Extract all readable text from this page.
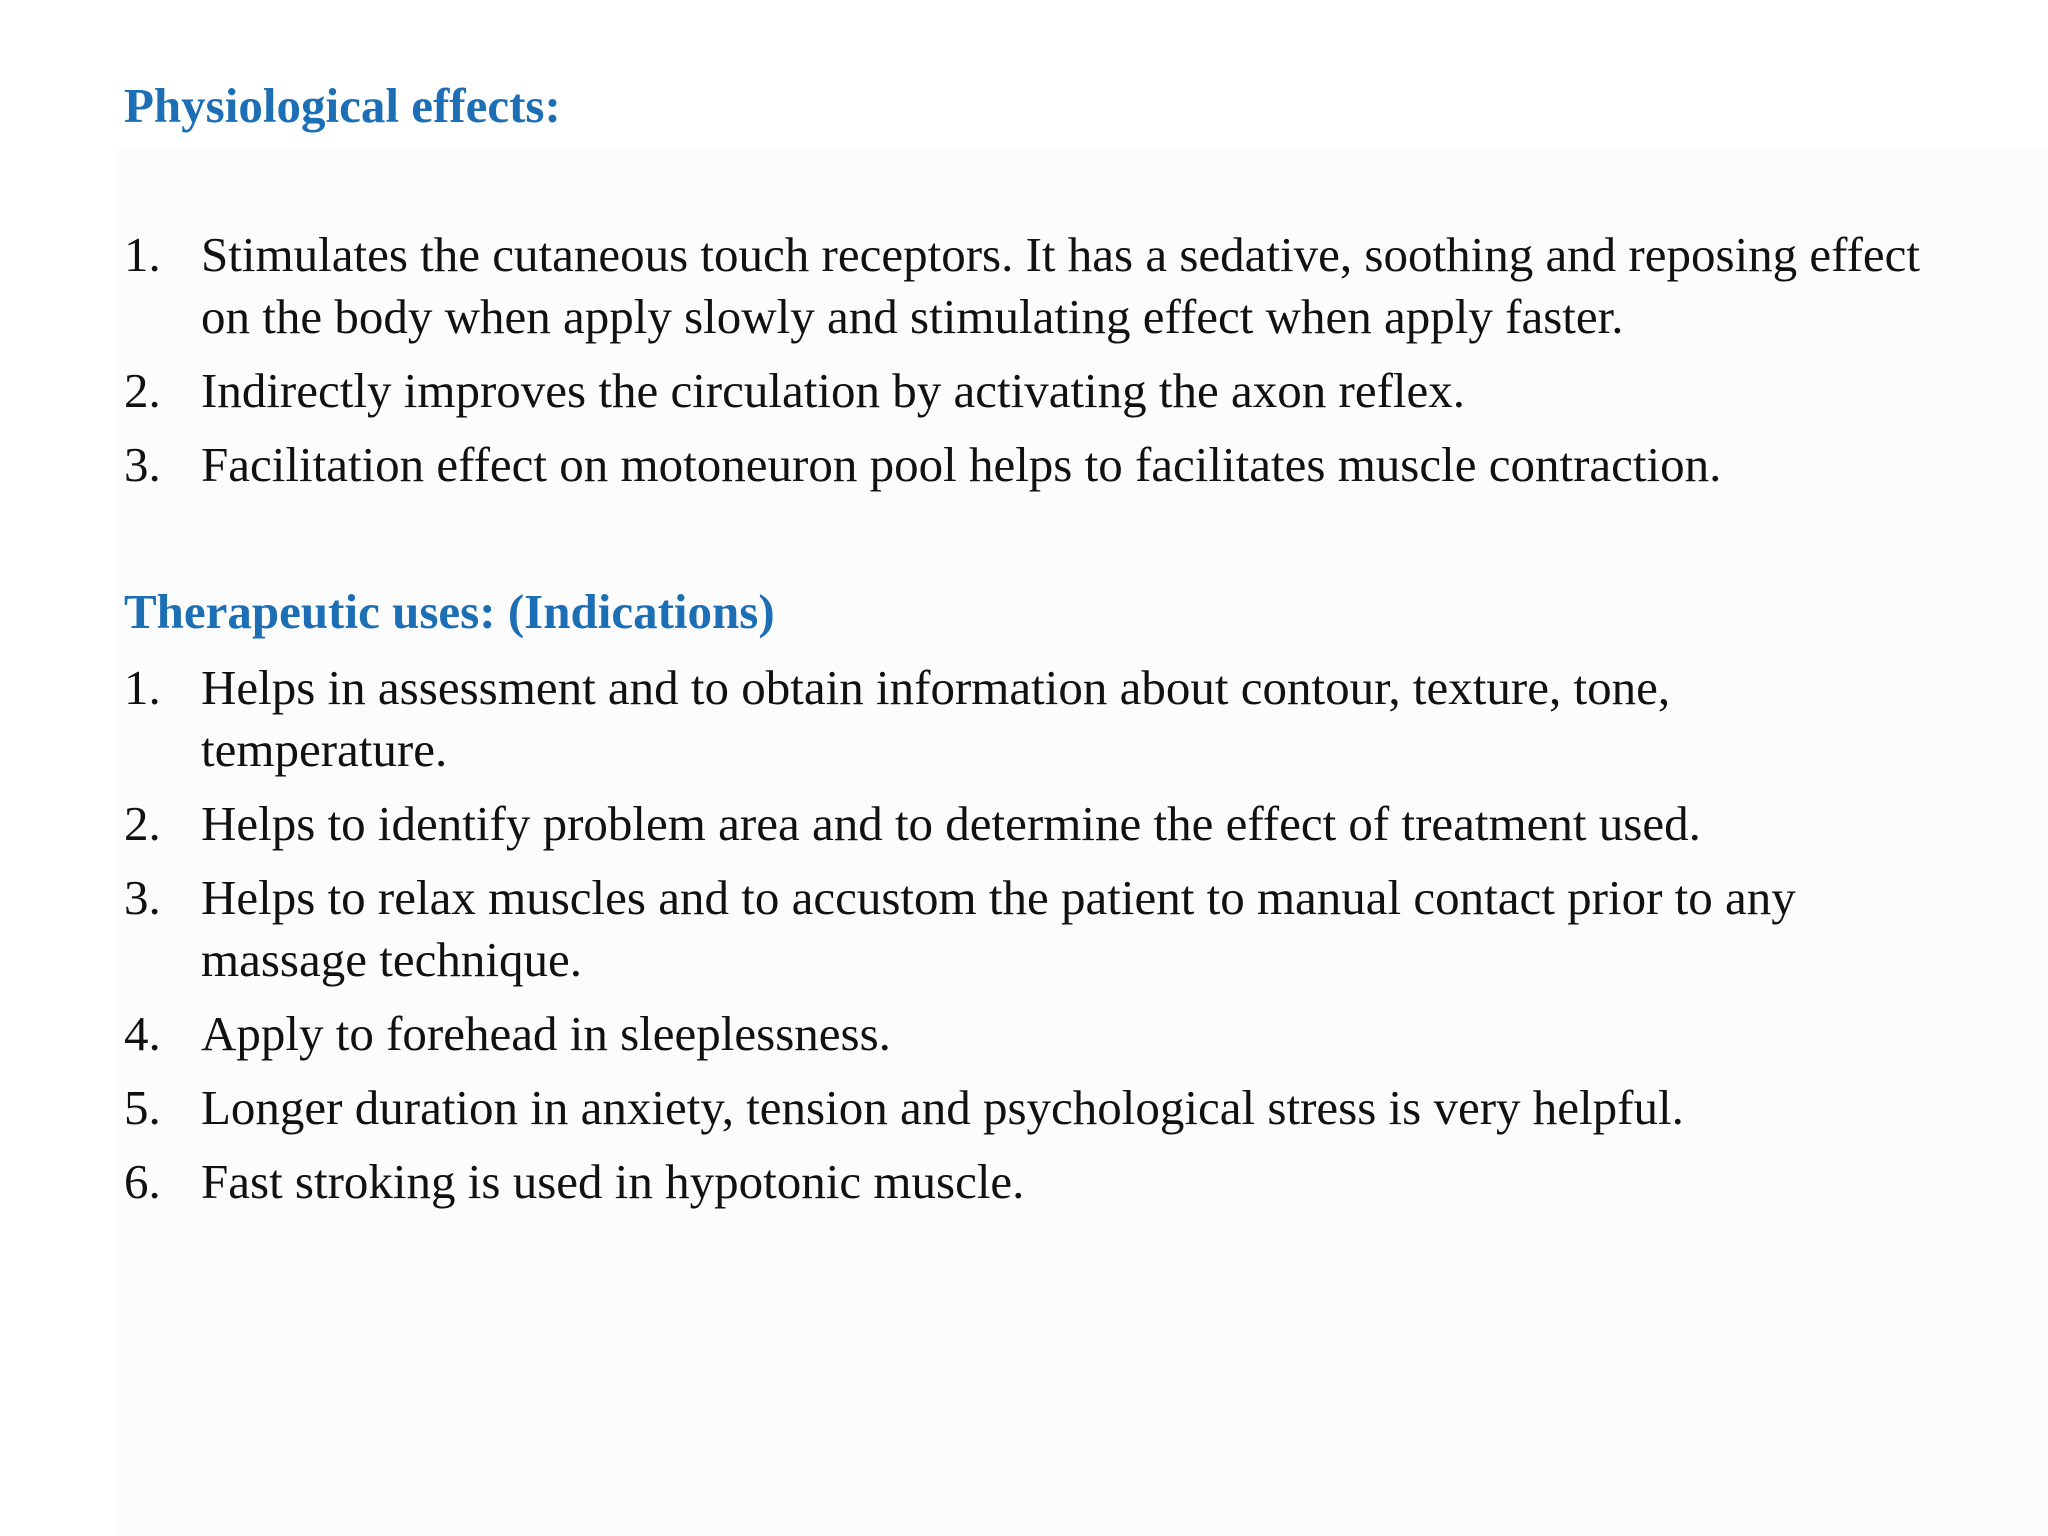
Physiological effects:
1. Stimulates the cutaneous touch receptors. It has a sedative, soothing and reposing effect on the body when apply slowly and stimulating effect when apply faster.
2. Indirectly improves the circulation by activating the axon reflex.
3. Facilitation effect on motoneuron pool helps to facilitates muscle contraction.
Therapeutic uses: (Indications)
1. Helps in assessment and to obtain information about contour, texture, tone, temperature.
2. Helps to identify problem area and to determine the effect of treatment used.
3. Helps to relax muscles and to accustom the patient to manual contact prior to any massage technique.
4. Apply to forehead in sleeplessness.
5. Longer duration in anxiety, tension and psychological stress is very helpful.
6. Fast stroking is used in hypotonic muscle.
